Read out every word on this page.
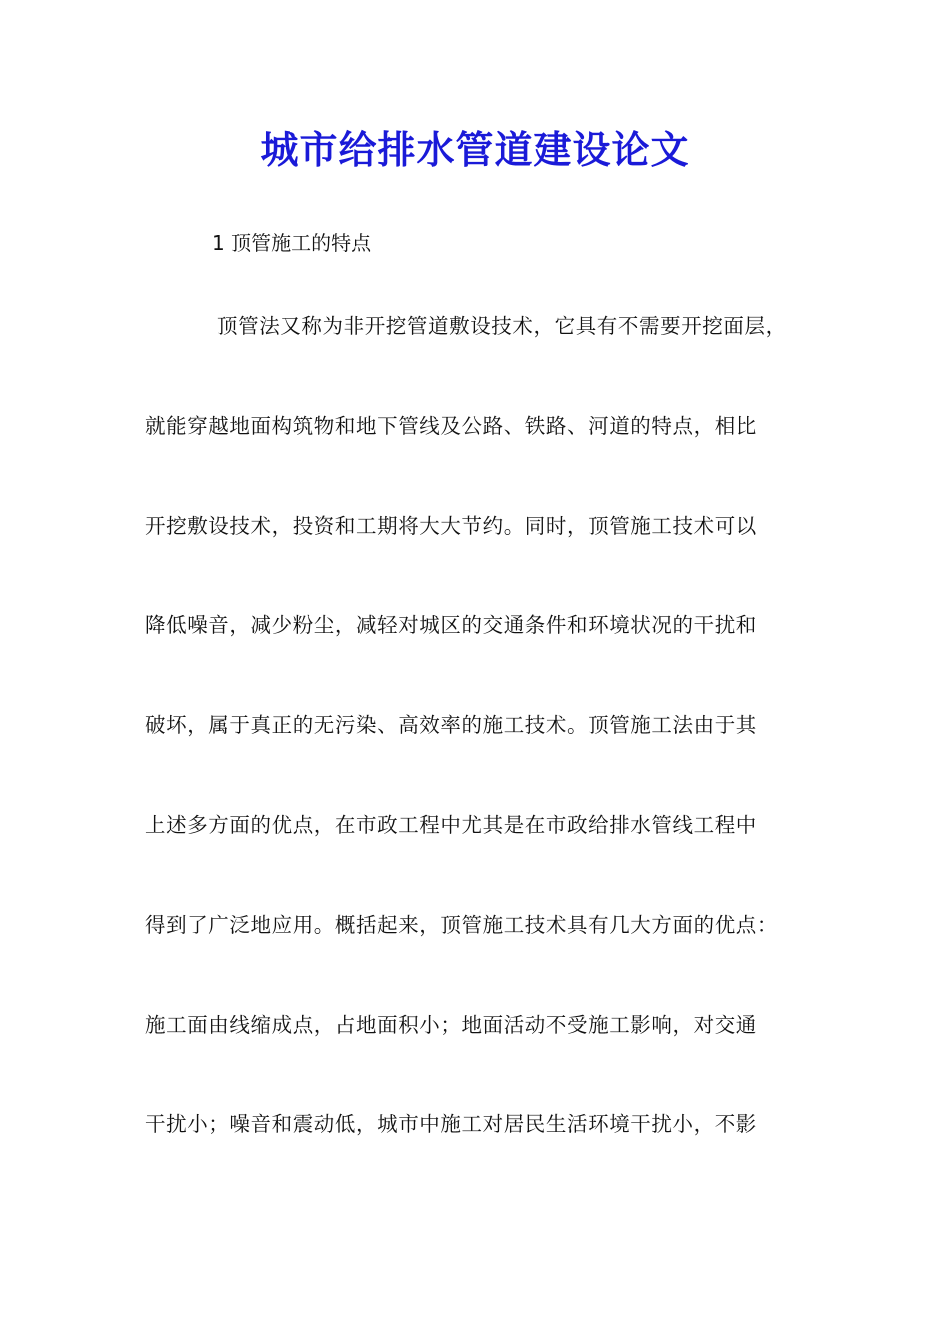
城市给排水管道建设论文
1 顶管施工的特点
顶管法又称为非开挖管道敷设技术，它具有不需要开挖面层，
就能穿越地面构筑物和地下管线及公路、铁路、河道的特点，相比
开挖敷设技术，投资和工期将大大节约。同时，顶管施工技术可以
降低噪音，减少粉尘，减轻对城区的交通条件和环境状况的干扰和
破坏，属于真正的无污染、高效率的施工技术。顶管施工法由于其
上述多方面的优点，在市政工程中尤其是在市政给排水管线工程中
得到了广泛地应用。概括起来，顶管施工技术具有几大方面的优点：
施工面由线缩成点，占地面积小；地面活动不受施工影响，对交通
干扰小；噪音和震动低，城市中施工对居民生活环境干扰小，不影
